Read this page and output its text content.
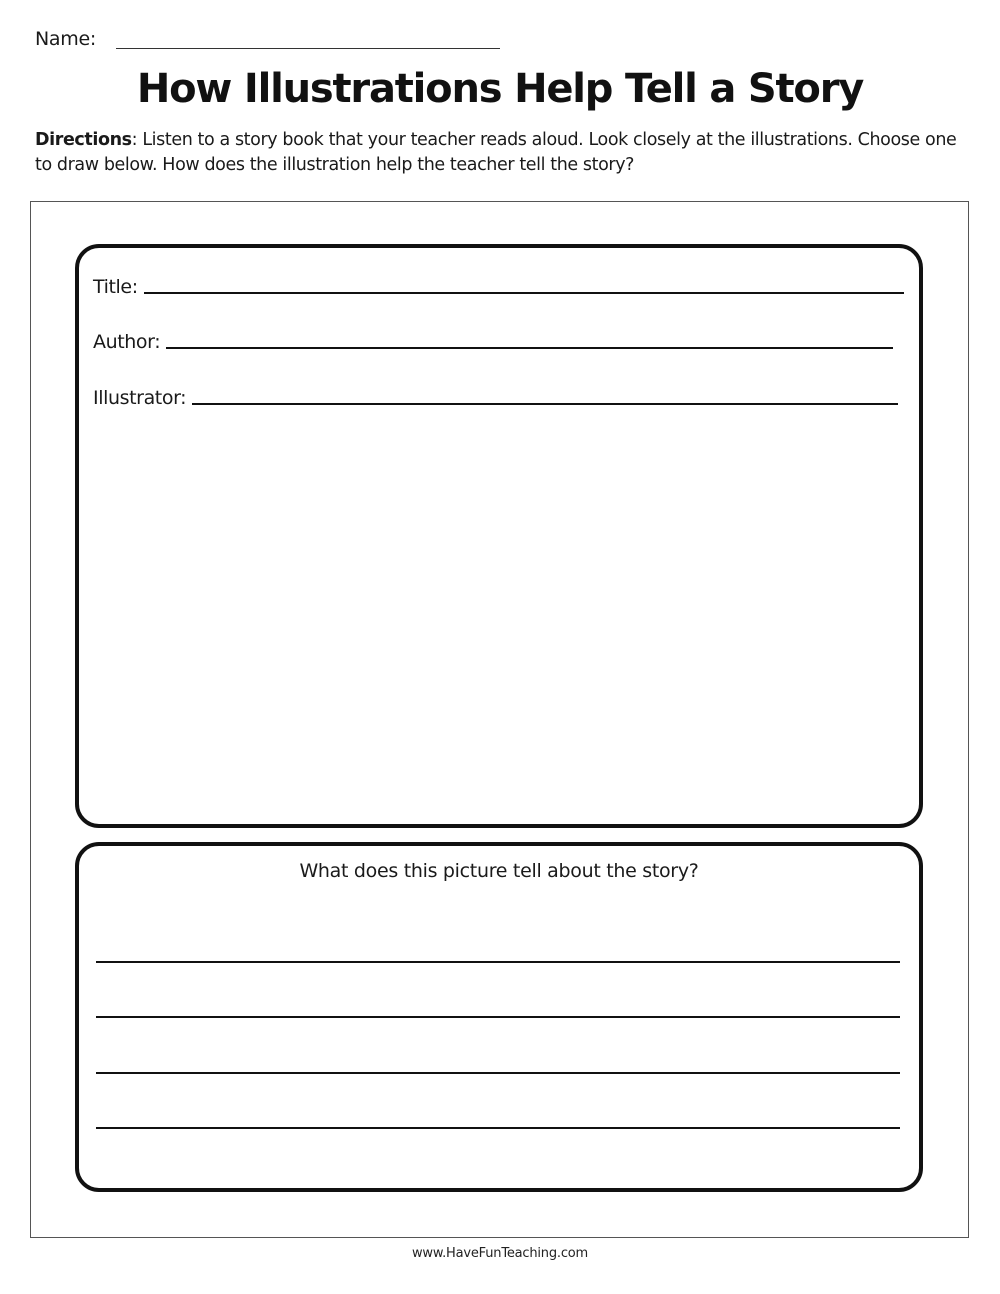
Name:
How Illustrations Help Tell a Story
Directions: Listen to a story book that your teacher reads aloud. Look closely at the illustrations. Choose one to draw below. How does the illustration help the teacher tell the story?
Title:
Author:
Illustrator:
What does this picture tell about the story?
www.HaveFunTeaching.com
